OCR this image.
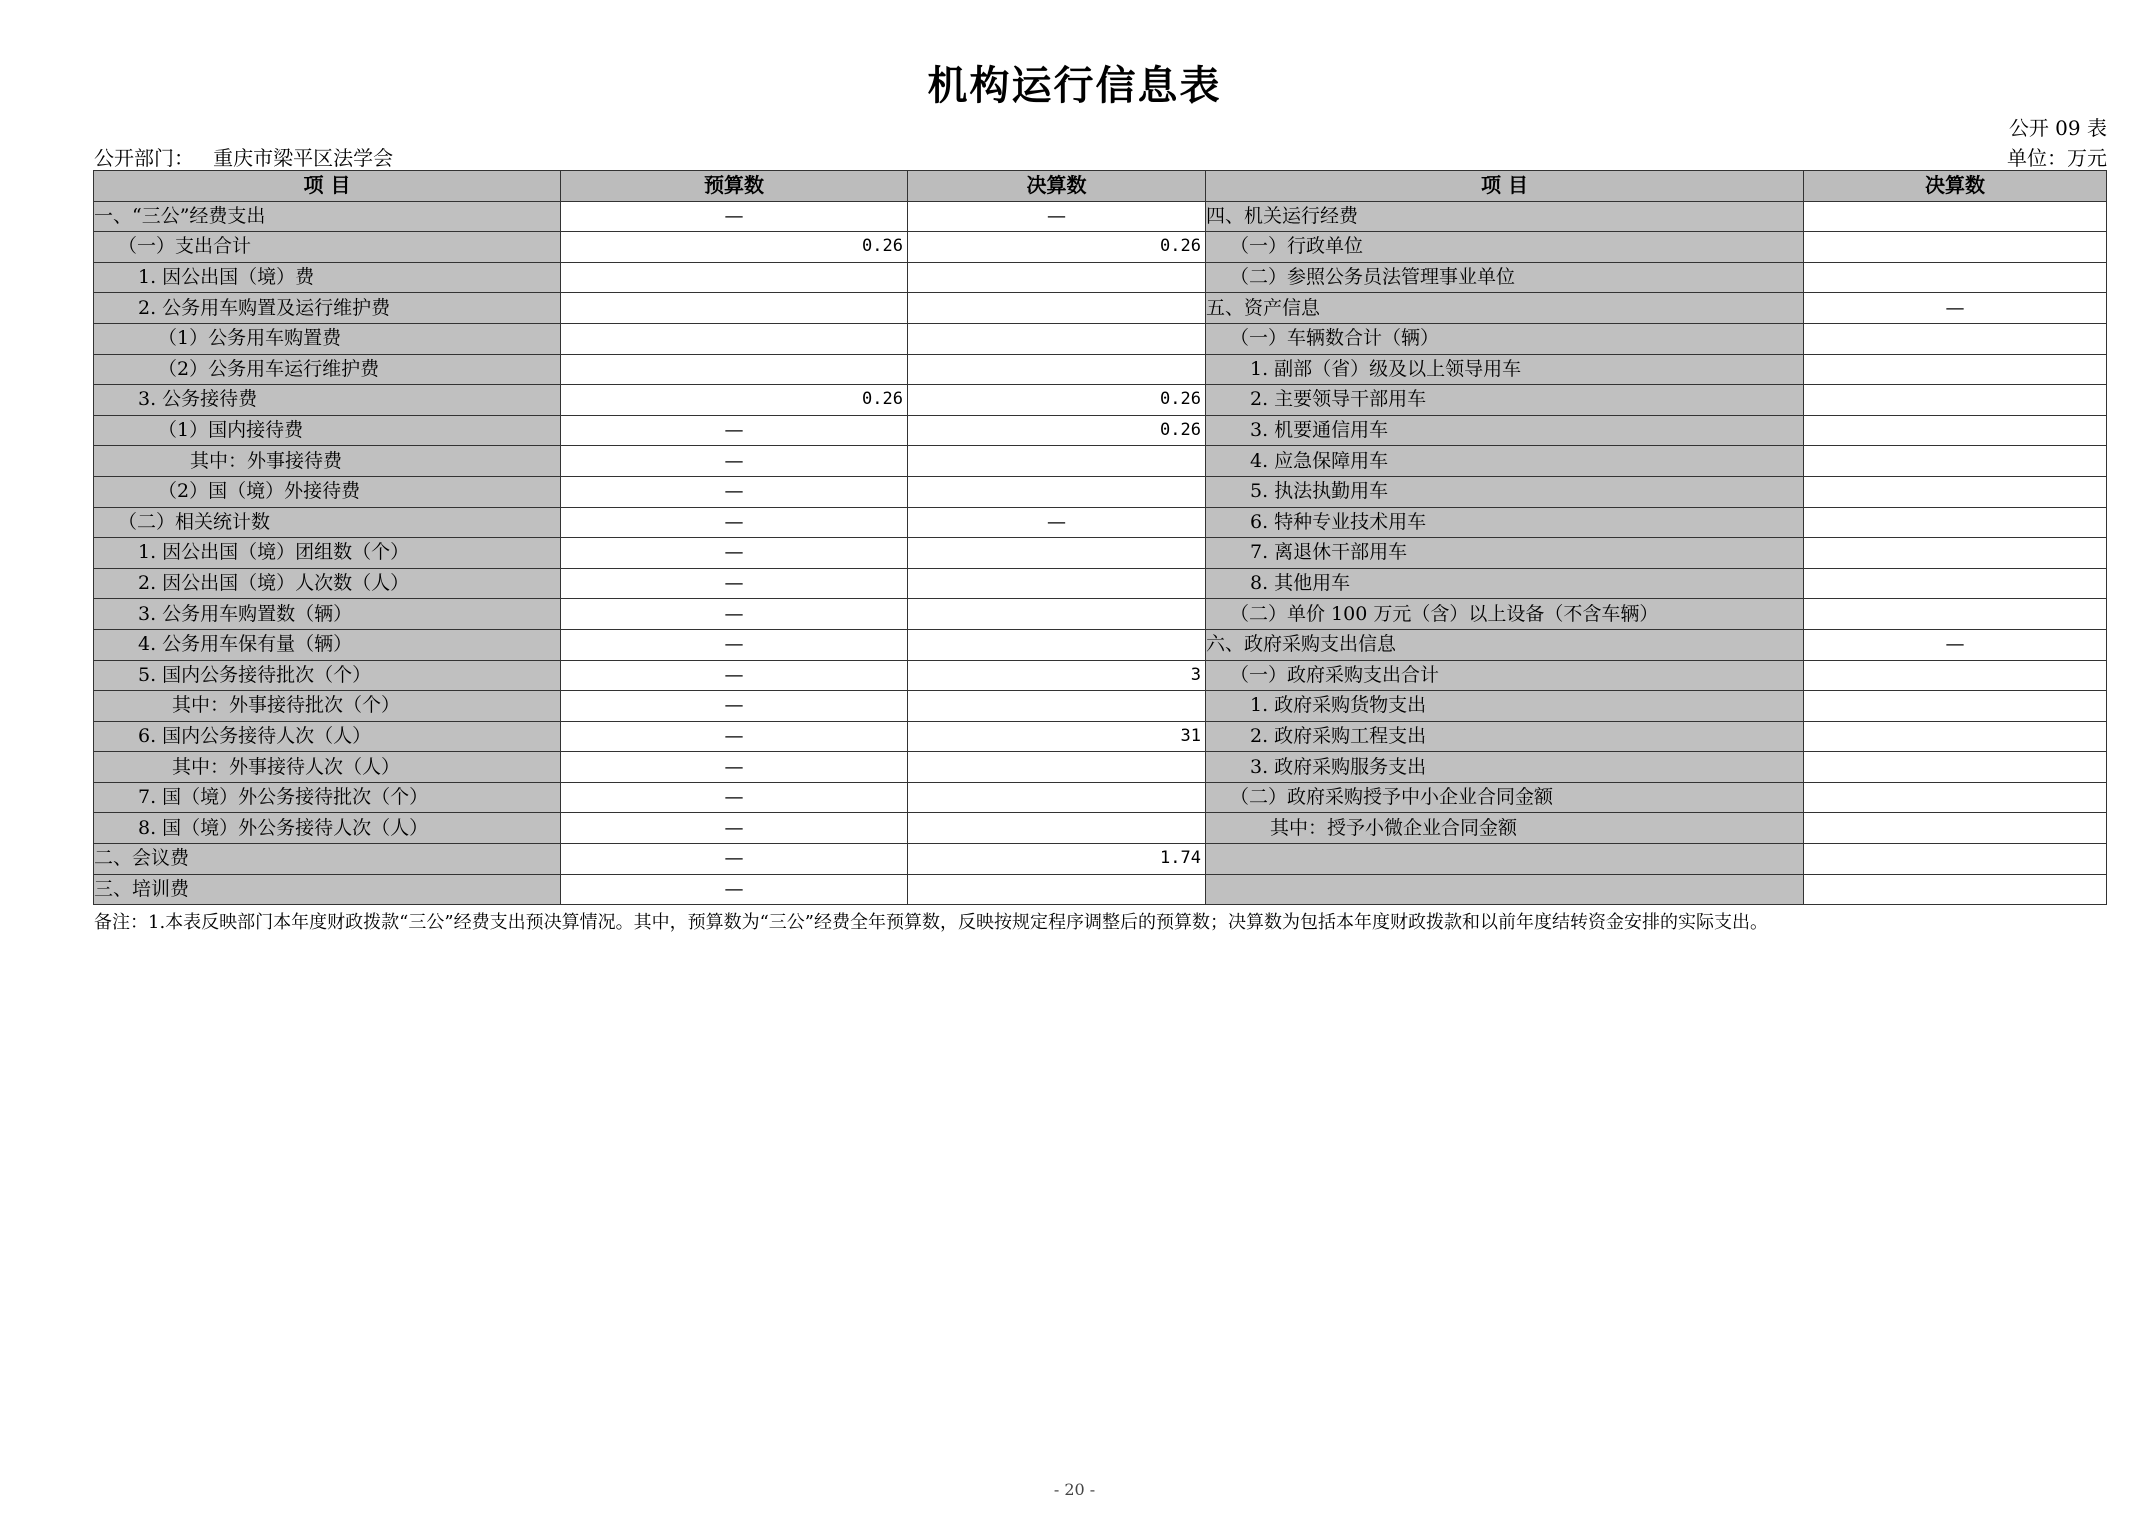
机构运行信息表
公开 09 表
公开部门： 重庆市梁平区法学会	单位：万元
项 目	预算数	决算数	项 目	决算数
一、“三公”经费支出	—	—	四、机关运行经费	
（一）支出合计	0.26	0.26	（一）行政单位	
1. 因公出国（境）费			（二）参照公务员法管理事业单位	
2. 公务用车购置及运行维护费			五、资产信息	—
（1）公务用车购置费			（一）车辆数合计（辆）	
（2）公务用车运行维护费			1. 副部（省）级及以上领导用车	
3. 公务接待费	0.26	0.26	2. 主要领导干部用车	
（1）国内接待费	—	0.26	3. 机要通信用车	
其中：外事接待费	—		4. 应急保障用车	
（2）国（境）外接待费	—		5. 执法执勤用车	
（二）相关统计数	—	—	6. 特种专业技术用车	
1. 因公出国（境）团组数（个）	—		7. 离退休干部用车	
2. 因公出国（境）人次数（人）	—		8. 其他用车	
3. 公务用车购置数（辆）	—		（二）单价 100 万元（含）以上设备（不含车辆）	
4. 公务用车保有量（辆）	—		六、政府采购支出信息	—
5. 国内公务接待批次（个）	—	3	（一）政府采购支出合计	
其中：外事接待批次（个）	—		1. 政府采购货物支出	
6. 国内公务接待人次（人）	—	31	2. 政府采购工程支出	
其中：外事接待人次（人）	—		3. 政府采购服务支出	
7. 国（境）外公务接待批次（个）	—		（二）政府采购授予中小企业合同金额	
8. 国（境）外公务接待人次（人）	—		其中：授予小微企业合同金额	
二、会议费	—	1.74		
三、培训费	—			
备注：1.本表反映部门本年度财政拨款“三公”经费支出预决算情况。其中，预算数为“三公”经费全年预算数，反映按规定程序调整后的预算数；决算数为包括本年度财政拨款和以前年度结转资金安排的实际支出。
- 20 -
